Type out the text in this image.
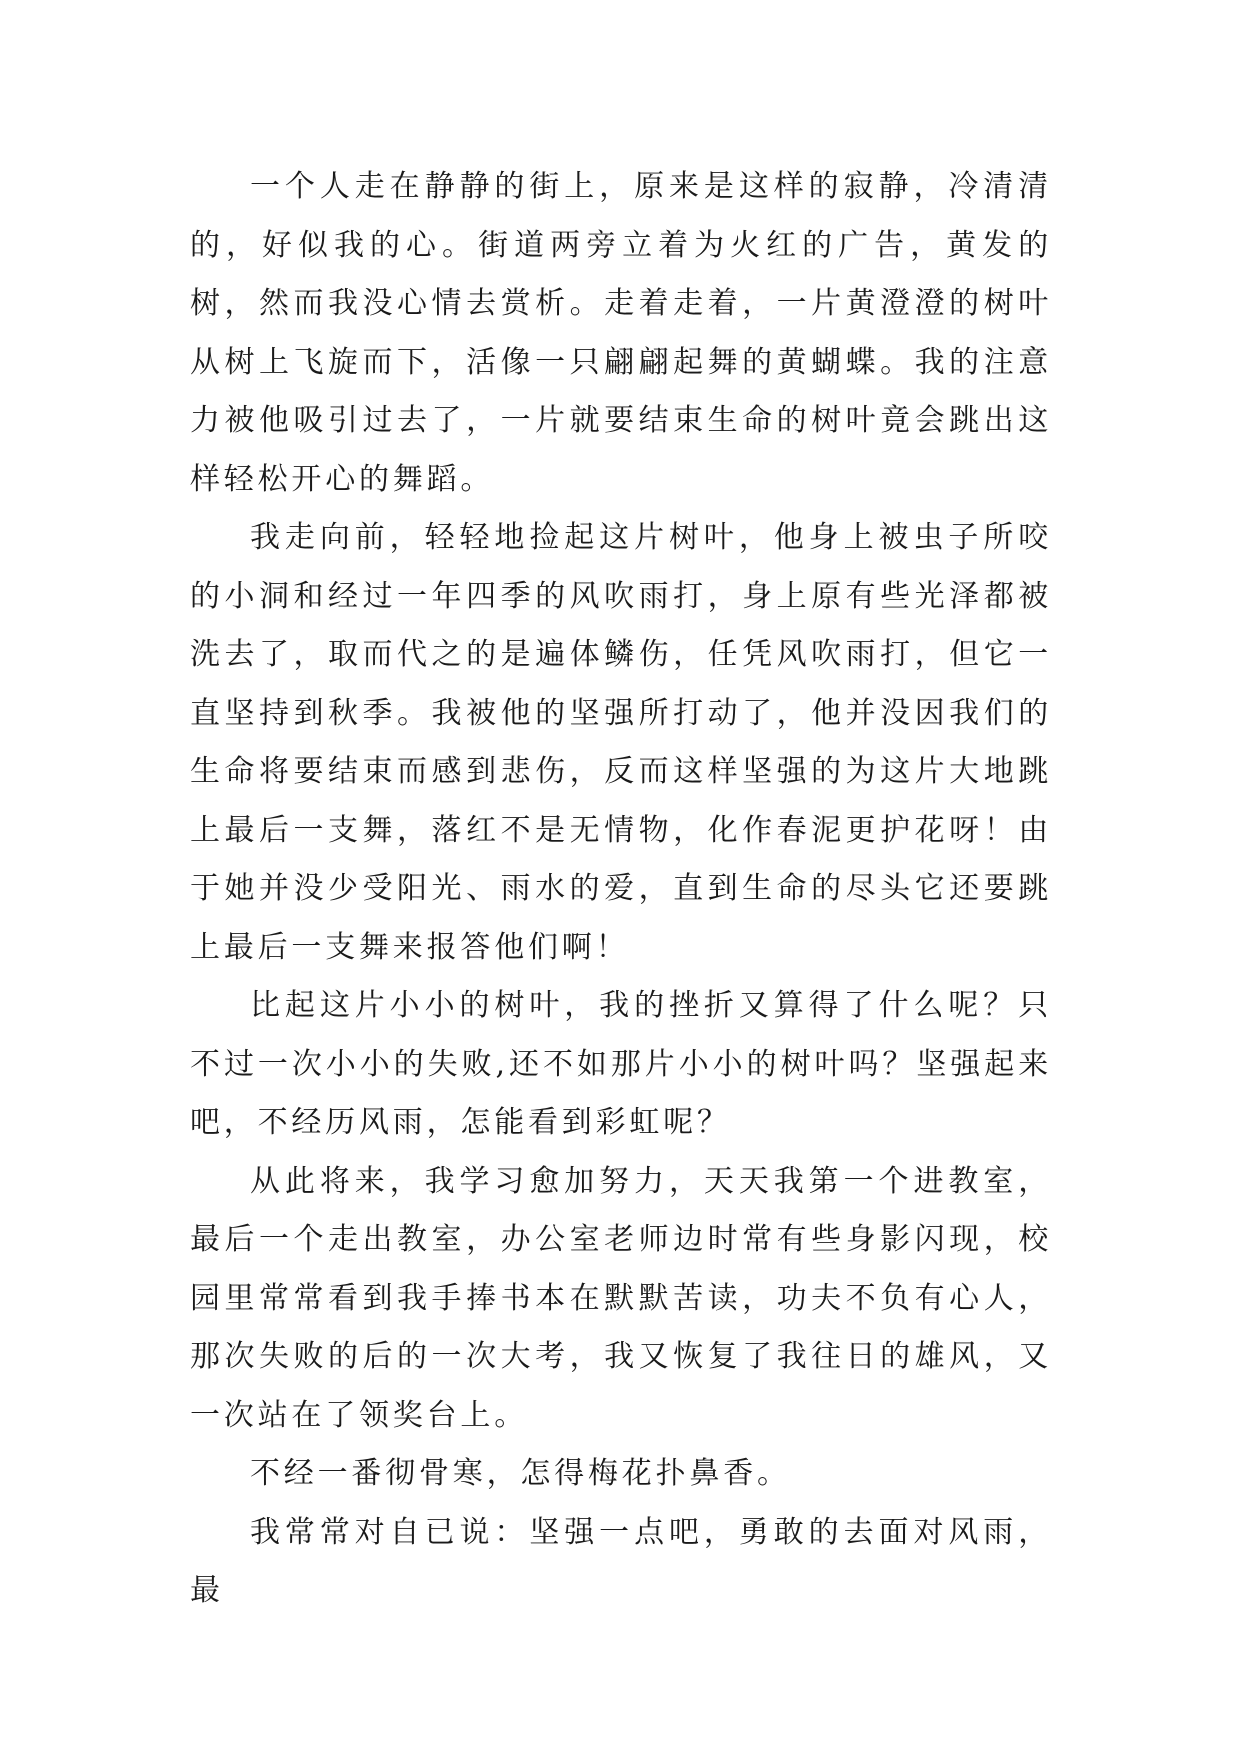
一个人走在静静的街上，原来是这样的寂静，冷清清的，好似我的心。街道两旁立着为火红的广告，黄发的树，然而我没心情去赏析。走着走着，一片黄澄澄的树叶从树上飞旋而下，活像一只翩翩起舞的黄蝴蝶。我的注意力被他吸引过去了，一片就要结束生命的树叶竟会跳出这样轻松开心的舞蹈。

我走向前，轻轻地捡起这片树叶，他身上被虫子所咬的小洞和经过一年四季的风吹雨打，身上原有些光泽都被洗去了，取而代之的是遍体鳞伤，任凭风吹雨打，但它一直坚持到秋季。我被他的坚强所打动了，他并没因我们的生命将要结束而感到悲伤，反而这样坚强的为这片大地跳上最后一支舞，落红不是无情物，化作春泥更护花呀！由于她并没少受阳光、雨水的爱，直到生命的尽头它还要跳上最后一支舞来报答他们啊！

比起这片小小的树叶，我的挫折又算得了什么呢？只不过一次小小的失败,还不如那片小小的树叶吗？坚强起来吧，不经历风雨，怎能看到彩虹呢？

从此将来，我学习愈加努力，天天我第一个进教室，最后一个走出教室，办公室老师边时常有些身影闪现，校园里常常看到我手捧书本在默默苦读，功夫不负有心人，那次失败的后的一次大考，我又恢复了我往日的雄风，又一次站在了领奖台上。

不经一番彻骨寒，怎得梅花扑鼻香。

我常常对自已说：坚强一点吧，勇敢的去面对风雨，最
